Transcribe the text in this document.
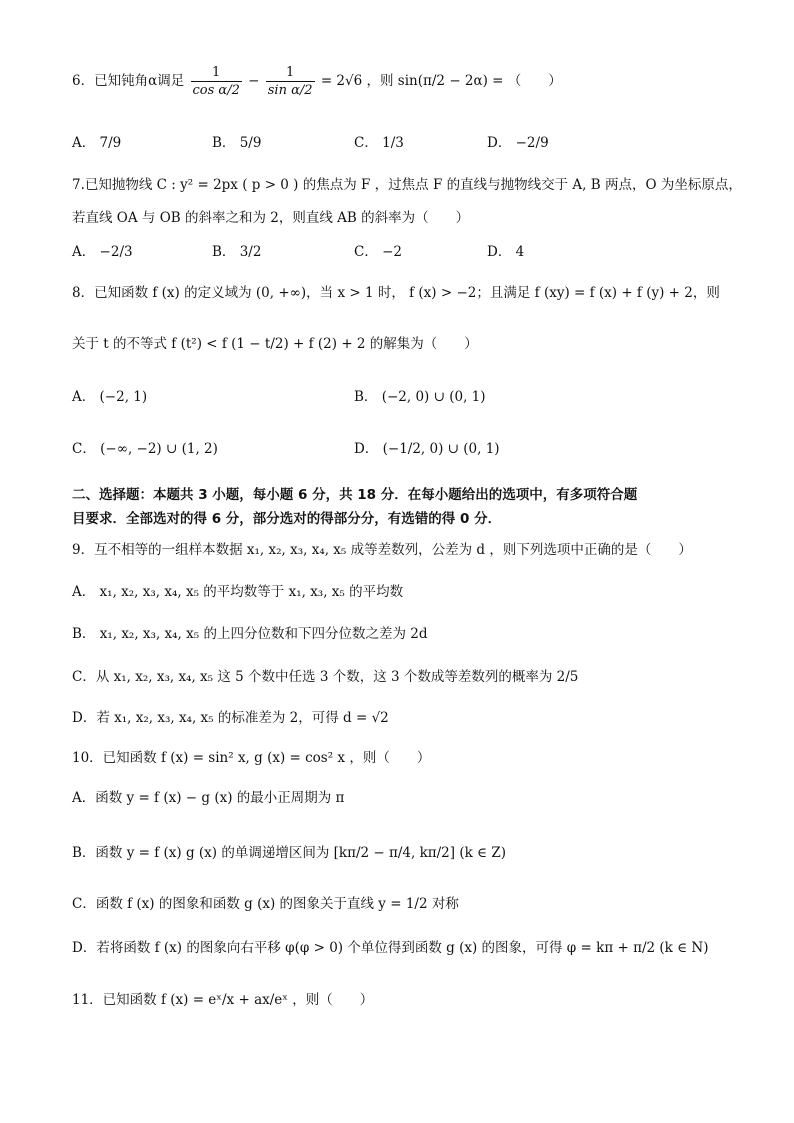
6．已知钝角α调足 $\frac{1}{\text{cos α/2}} - \frac{1}{\text{sin α/2}} = 2√6$ ，则 sin(π/2 − 2α) = （　　）
A． 7/9	B． 5/9	C． 1/3	D． −2/9
7.已知抛物线 C : y² = 2px ( p > 0 ) 的焦点为 F ，过焦点 F 的直线与抛物线交于 A, B 两点，O 为坐标原点，
若直线 OA 与 OB 的斜率之和为 2，则直线 AB 的斜率为（　　）
A． −2/3	B． 3/2	C． −2	D． 4
8．已知函数 f (x) 的定义域为 (0, +∞)，当 x > 1 时， f (x) > −2；且满足 f (xy) = f (x) + f (y) + 2，则
关于 t 的不等式 f (t²) < f (1 − t/2) + f (2) + 2 的解集为（　　）
A． (−2, 1)	B． (−2, 0) ∪ (0, 1)
C． (−∞, −2) ∪ (1, 2)	D． (−1/2, 0) ∪ (0, 1)
二、选择题：本题共 3 小题，每小题 6 分，共 18 分．在每小题给出的选项中，有多项符合题
目要求．全部选对的得 6 分，部分选对的得部分分，有选错的得 0 分．
9．互不相等的一组样本数据 x₁, x₂, x₃, x₄, x₅ 成等差数列，公差为 d ，则下列选项中正确的是（　　）
A． x₁, x₂, x₃, x₄, x₅ 的平均数等于 x₁, x₃, x₅ 的平均数
B． x₁, x₂, x₃, x₄, x₅ 的上四分位数和下四分位数之差为 2d
C．从 x₁, x₂, x₃, x₄, x₅ 这 5 个数中任选 3 个数，这 3 个数成等差数列的概率为 2/5
D．若 x₁, x₂, x₃, x₄, x₅ 的标准差为 2，可得 d = √2
10．已知函数 f (x) = sin² x, g (x) = cos² x ，则（　　）
A．函数 y = f (x) − g (x) 的最小正周期为 π
B．函数 y = f (x) g (x) 的单调递增区间为 [kπ/2 − π/4, kπ/2] (k ∈ Z)
C．函数 f (x) 的图象和函数 g (x) 的图象关于直线 y = 1/2 对称
D．若将函数 f (x) 的图象向右平移 φ(φ > 0) 个单位得到函数 g (x) 的图象，可得 φ = kπ + π/2 (k ∈ N)
11．已知函数 f (x) = eˣ/x + ax/eˣ ，则（　　）
